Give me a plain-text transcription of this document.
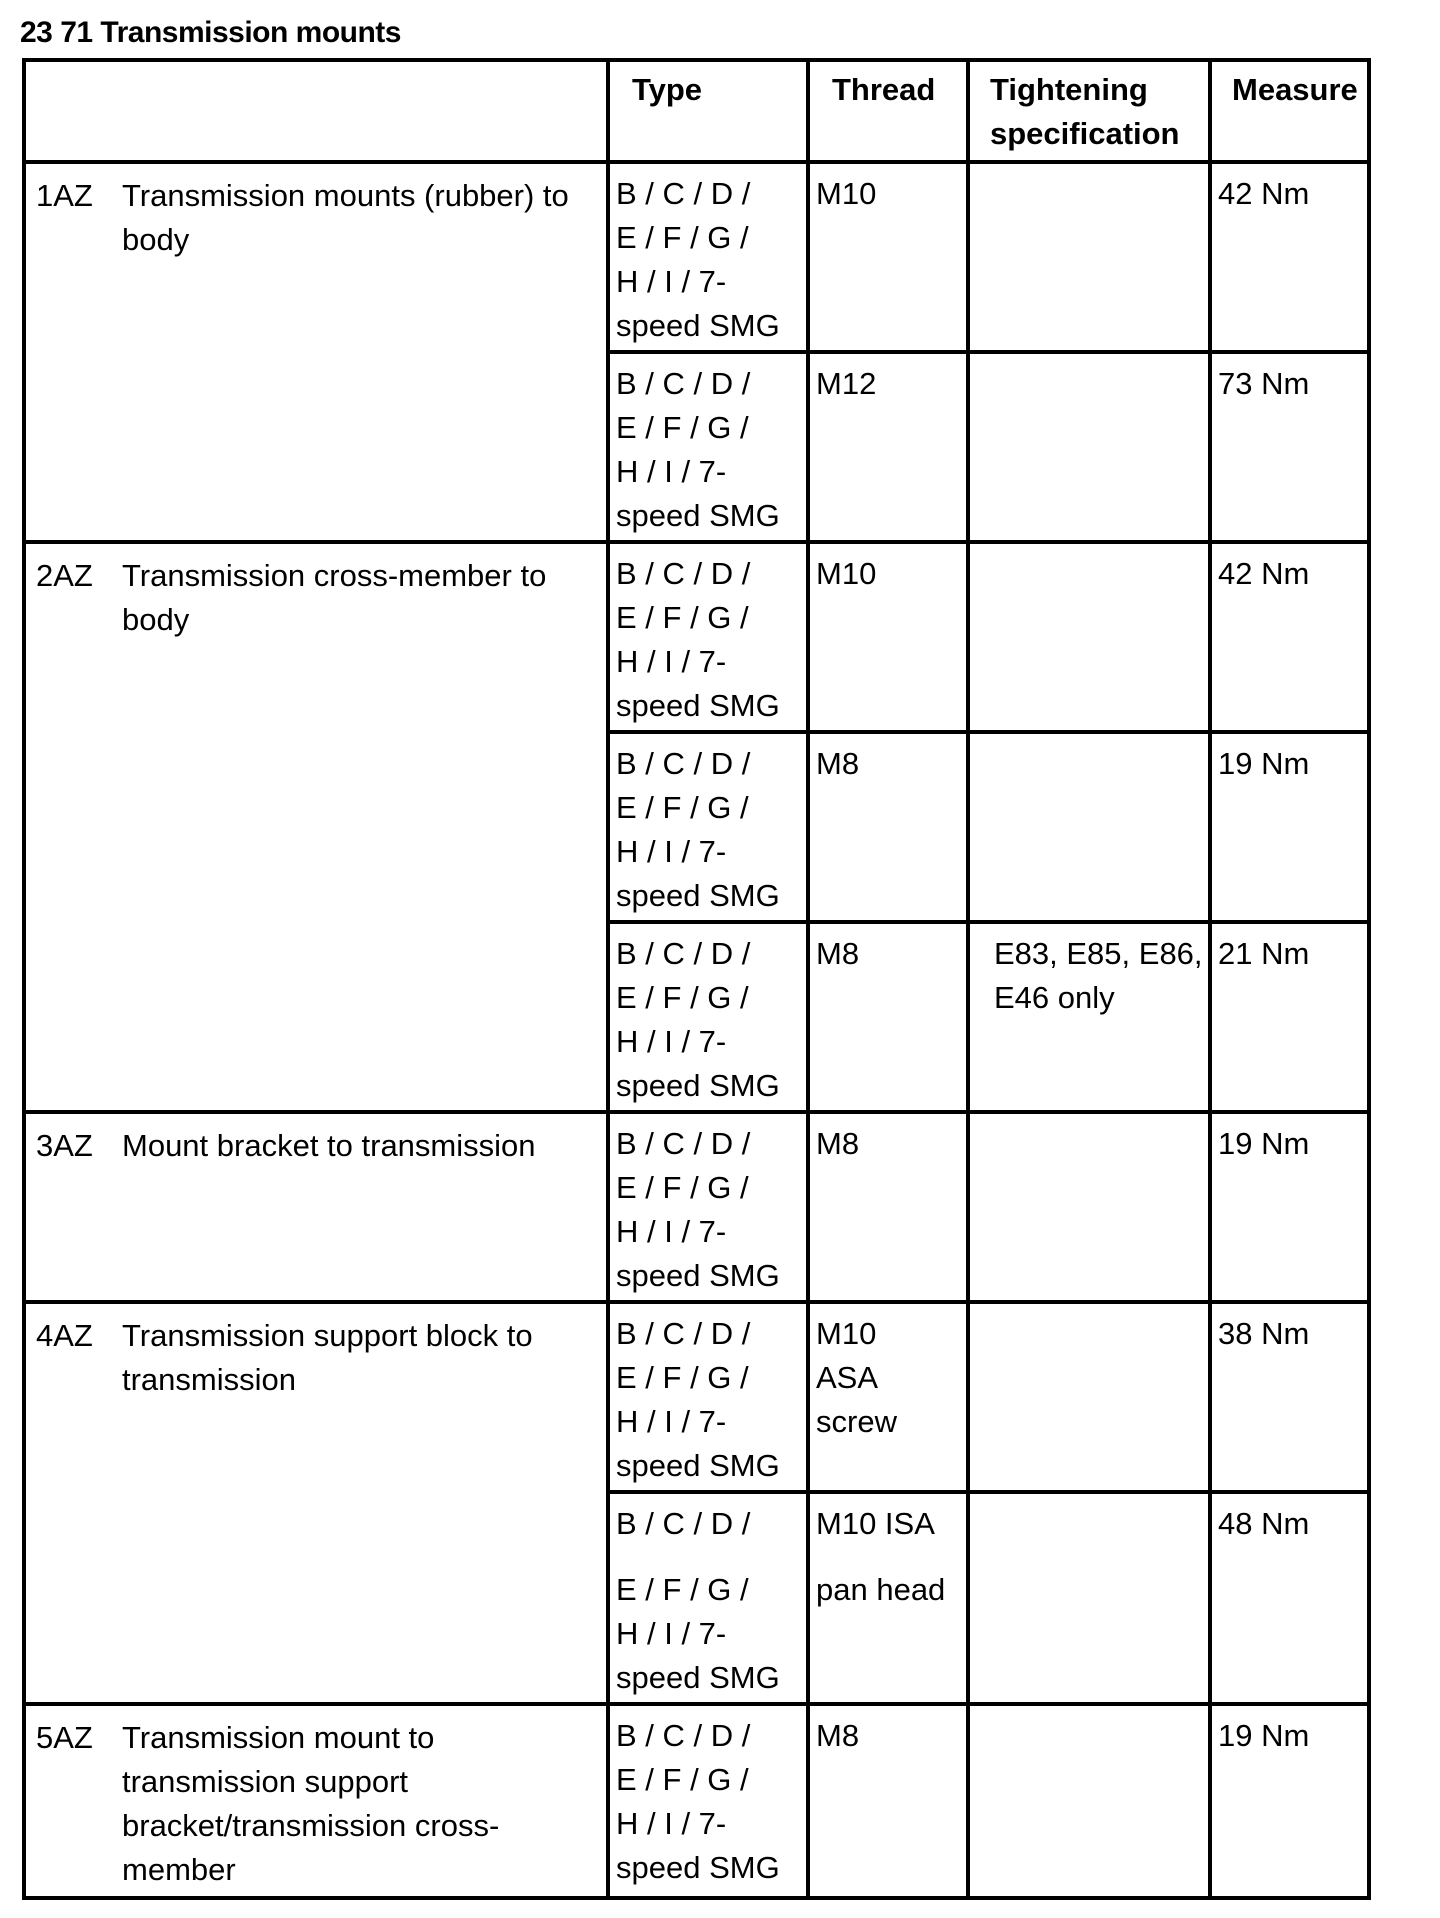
23 71 Transmission mounts
	Type	Thread	Tightening specification	Measure

1AZ Transmission mounts (rubber) to body	B / C / D /
E / F / G /
H / I / 7-
speed SMG	M10		42 Nm

	B / C / D /
E / F / G /
H / I / 7-
speed SMG	M12		73 Nm

2AZ Transmission cross-member to body	B / C / D /
E / F / G /
H / I / 7-
speed SMG	M10		42 Nm

	B / C / D /
E / F / G /
H / I / 7-
speed SMG	M8		19 Nm

	B / C / D /
E / F / G /
H / I / 7-
speed SMG	M8	E83, E85, E86, E46 only	21 Nm

3AZ Mount bracket to transmission	B / C / D /
E / F / G /
H / I / 7-
speed SMG	M8		19 Nm

4AZ Transmission support block to transmission	B / C / D /
E / F / G /
H / I / 7-
speed SMG	M10 ASA screw		38 Nm

	B / C / D /
E / F / G /
H / I / 7-
speed SMG	M10 ISA
pan head		48 Nm

5AZ Transmission mount to transmission support bracket/transmission cross-member	B / C / D /
E / F / G /
H / I / 7-
speed SMG	M8		19 Nm
